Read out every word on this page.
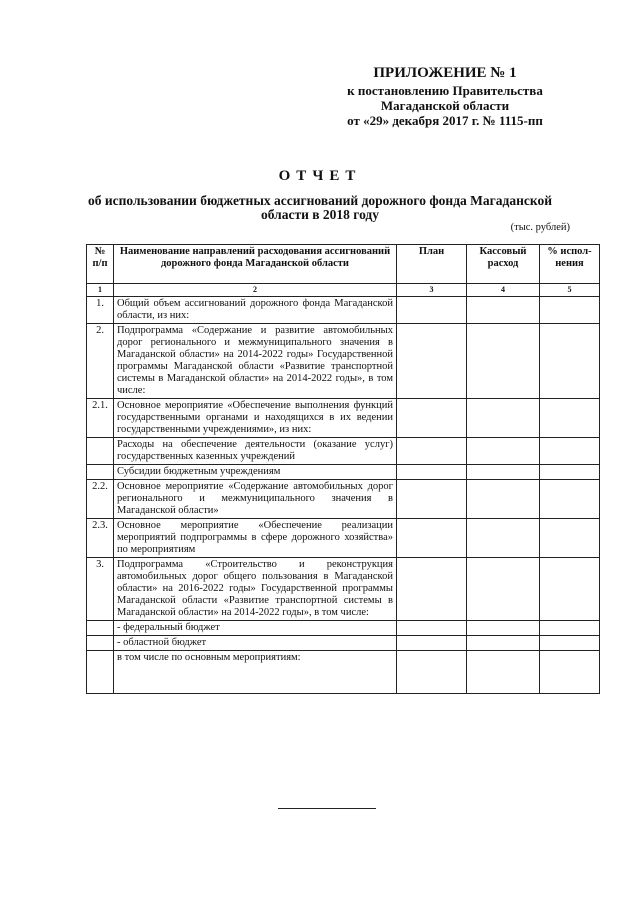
ПРИЛОЖЕНИЕ № 1
к постановлению Правительства
Магаданской области
от «29» декабря 2017 г. № 1115-пп
ОТЧЕТ
об использовании бюджетных ассигнований дорожного фонда Магаданской области в 2018 году
(тыс. рублей)
№ п/п	Наименование направлений расходования ассигнований дорожного фонда Магаданской области	План	Кассовый расход	% испол-нения
1	2	3	4	5
1.	Общий объем ассигнований дорожного фонда Магаданской области, из них:			
2.	Подпрограмма «Содержание и развитие автомобильных дорог регионального и межмуниципального значения в Магаданской области» на 2014-2022 годы» Государственной программы Магаданской области «Развитие транспортной системы в Магаданской области» на 2014-2022 годы», в том числе:			
2.1.	Основное мероприятие «Обеспечение выполнения функций государственными органами и находящихся в их ведении государственными учреждениями», из них:			
	Расходы на обеспечение деятельности (оказание услуг) государственных казенных учреждений			
	Субсидии бюджетным учреждениям			
2.2.	Основное мероприятие «Содержание автомобильных дорог регионального и межмуниципального значения в Магаданской области»			
2.3.	Основное мероприятие «Обеспечение реализации мероприятий подпрограммы в сфере дорожного хозяйства» по мероприятиям			
3.	Подпрограмма «Строительство и реконструкция автомобильных дорог общего пользования в Магаданской области» на 2016-2022 годы» Государственной программы Магаданской области «Развитие транспортной системы в Магаданской области» на 2014-2022 годы», в том числе:			
	- федеральный бюджет			
	- областной бюджет			
	в том числе по основным мероприятиям:			
